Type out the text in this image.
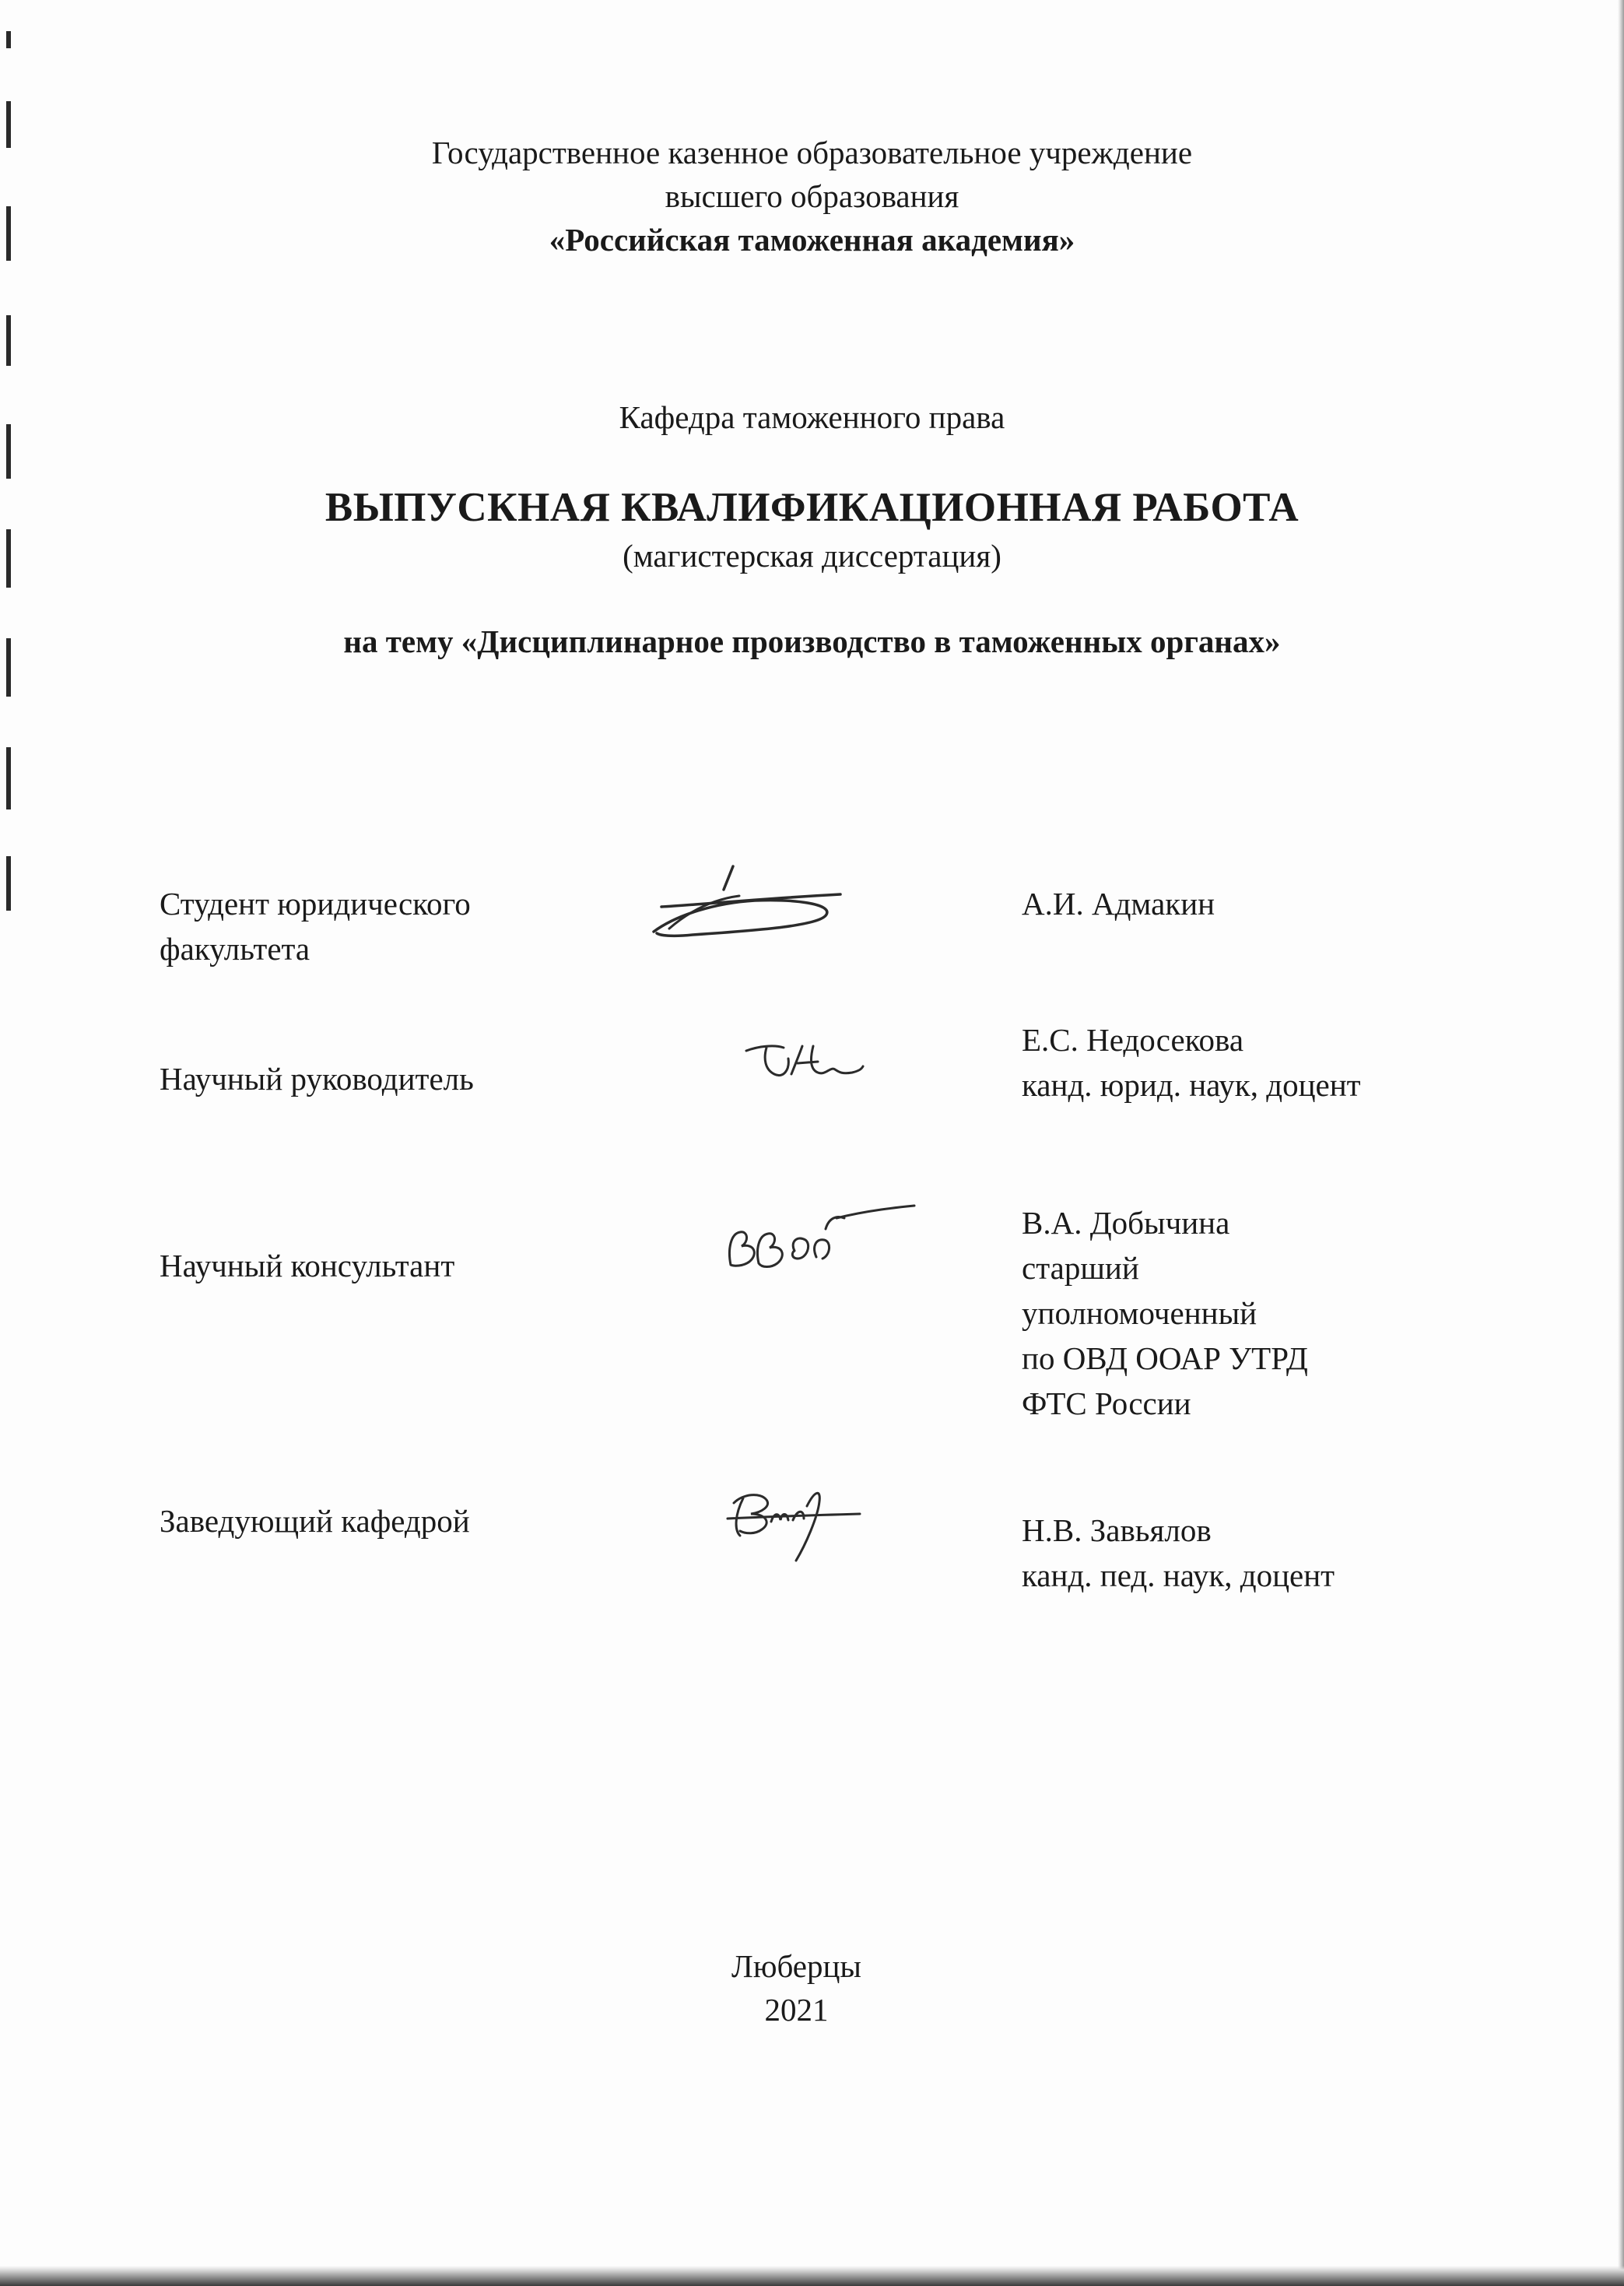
Государственное казенное образовательное учреждение
высшего образования
«Российская таможенная академия»
Кафедра таможенного права
ВЫПУСКНАЯ КВАЛИФИКАЦИОННАЯ РАБОТА
(магистерская диссертация)
на тему «Дисциплинарное производство в таможенных органах»
Студент юридического
факультета
А.И. Адмакин
Научный руководитель
Е.С. Недосекова
канд. юрид. наук, доцент
Научный консультант
В.А. Добычина
старший
уполномоченный
по ОВД ООАР УТРД
ФТС России
Заведующий кафедрой	Н.В. Завьялов
канд. пед. наук, доцент
Люберцы
2021
